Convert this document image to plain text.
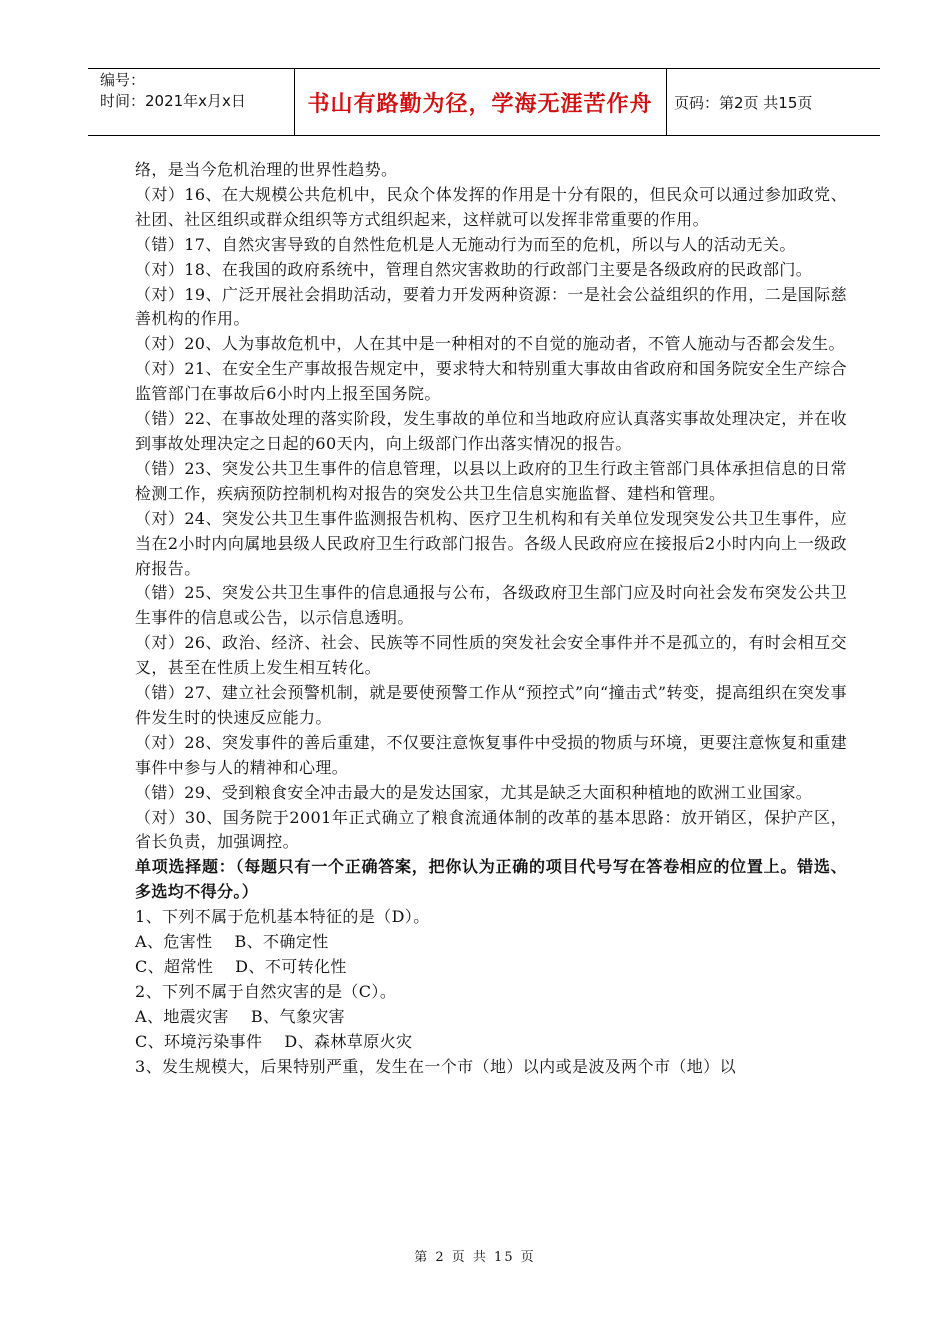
编号：
时间：2021年x月x日	书山有路勤为径，学海无涯苦作舟	页码：第2页 共15页

络，是当今危机治理的世界性趋势。

（对）16、在大规模公共危机中，民众个体发挥的作用是十分有限的，但民众可以通过参加政党、社团、社区组织或群众组织等方式组织起来，这样就可以发挥非常重要的作用。

（错）17、自然灾害导致的自然性危机是人无施动行为而至的危机，所以与人的活动无关。

（对）18、在我国的政府系统中，管理自然灾害救助的行政部门主要是各级政府的民政部门。

（对）19、广泛开展社会捐助活动，要着力开发两种资源：一是社会公益组织的作用，二是国际慈善机构的作用。

（对）20、人为事故危机中，人在其中是一种相对的不自觉的施动者，不管人施动与否都会发生。

（对）21、在安全生产事故报告规定中，要求特大和特别重大事故由省政府和国务院安全生产综合监管部门在事故后6小时内上报至国务院。

（错）22、在事故处理的落实阶段，发生事故的单位和当地政府应认真落实事故处理决定，并在收到事故处理决定之日起的60天内，向上级部门作出落实情况的报告。

（错）23、突发公共卫生事件的信息管理，以县以上政府的卫生行政主管部门具体承担信息的日常检测工作，疾病预防控制机构对报告的突发公共卫生信息实施监督、建档和管理。

（对）24、突发公共卫生事件监测报告机构、医疗卫生机构和有关单位发现突发公共卫生事件，应当在2小时内向属地县级人民政府卫生行政部门报告。各级人民政府应在接报后2小时内向上一级政府报告。

（错）25、突发公共卫生事件的信息通报与公布，各级政府卫生部门应及时向社会发布突发公共卫生事件的信息或公告，以示信息透明。

（对）26、政治、经济、社会、民族等不同性质的突发社会安全事件并不是孤立的，有时会相互交叉，甚至在性质上发生相互转化。

（错）27、建立社会预警机制，就是要使预警工作从“预控式”向“撞击式”转变，提高组织在突发事件发生时的快速反应能力。

（对）28、突发事件的善后重建，不仅要注意恢复事件中受损的物质与环境，更要注意恢复和重建事件中参与人的精神和心理。

（错）29、受到粮食安全冲击最大的是发达国家，尤其是缺乏大面积种植地的欧洲工业国家。

（对）30、国务院于2001年正式确立了粮食流通体制的改革的基本思路：放开销区，保护产区，省长负责，加强调控。

单项选择题：（每题只有一个正确答案，把你认为正确的项目代号写在答卷相应的位置上。错选、多选均不得分。）

1、下列不属于危机基本特征的是（D）。

A、危害性    B、不确定性

C、超常性    D、不可转化性

2、下列不属于自然灾害的是（C）。

A、地震灾害    B、气象灾害

C、环境污染事件    D、森林草原火灾

3、发生规模大，后果特别严重，发生在一个市（地）以内或是波及两个市（地）以

第 2 页 共 15 页
